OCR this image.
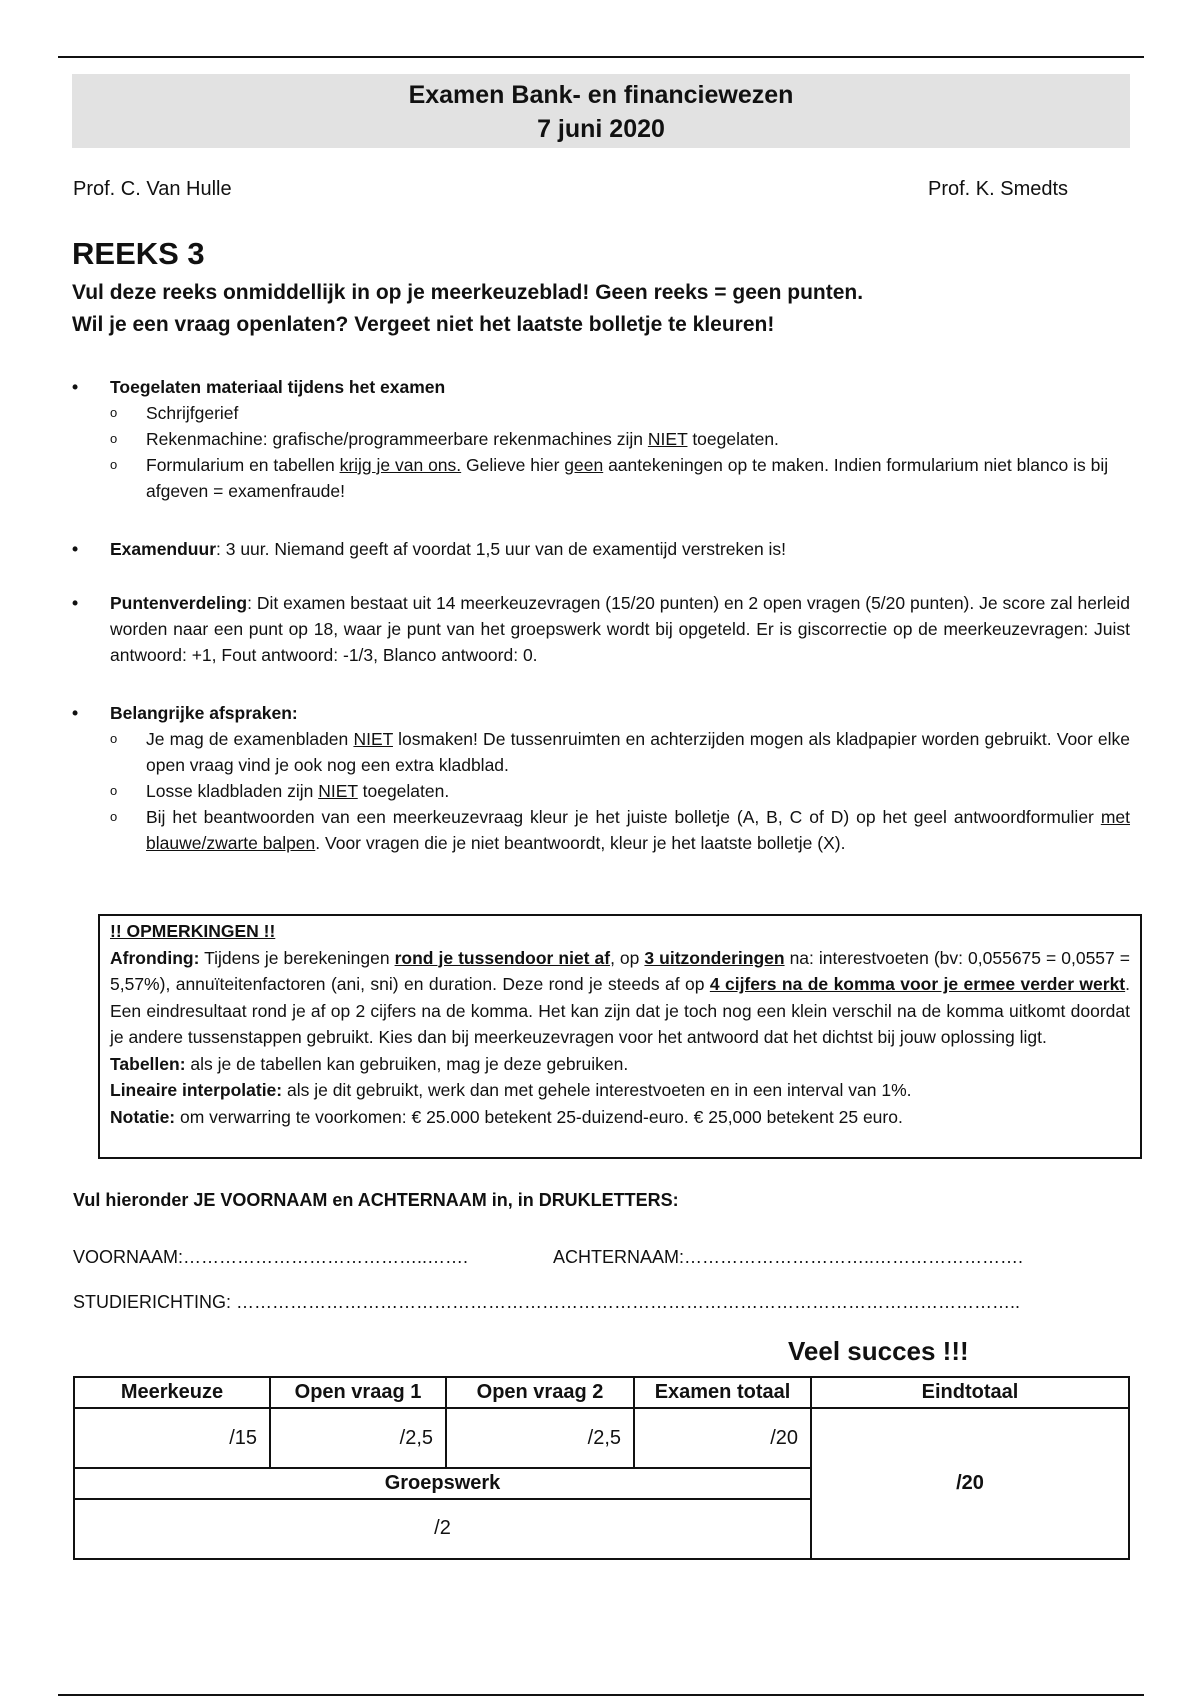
Examen Bank- en financiewezen
7 juni 2020
Prof. C. Van Hulle	Prof. K. Smedts
REEKS 3
Vul deze reeks onmiddellijk in op je meerkeuzeblad! Geen reeks = geen punten.
Wil je een vraag openlaten? Vergeet niet het laatste bolletje te kleuren!
• Toegelaten materiaal tijdens het examen
o Schrijfgerief
o Rekenmachine: grafische/programmeerbare rekenmachines zijn NIET toegelaten.
o Formularium en tabellen krijg je van ons. Gelieve hier geen aantekeningen op te maken. Indien formularium niet blanco is bij afgeven = examenfraude!
• Examenduur: 3 uur. Niemand geeft af voordat 1,5 uur van de examentijd verstreken is!
• Puntenverdeling: Dit examen bestaat uit 14 meerkeuzevragen (15/20 punten) en 2 open vragen (5/20 punten). Je score zal herleid worden naar een punt op 18, waar je punt van het groepswerk wordt bij opgeteld. Er is giscorrectie op de meerkeuzevragen: Juist antwoord: +1, Fout antwoord: -1/3, Blanco antwoord: 0.
• Belangrijke afspraken:
o Je mag de examenbladen NIET losmaken! De tussenruimten en achterzijden mogen als kladpapier worden gebruikt. Voor elke open vraag vind je ook nog een extra kladblad.
o Losse kladbladen zijn NIET toegelaten.
o Bij het beantwoorden van een meerkeuzevraag kleur je het juiste bolletje (A, B, C of D) op het geel antwoordformulier met blauwe/zwarte balpen. Voor vragen die je niet beantwoordt, kleur je het laatste bolletje (X).
!! OPMERKINGEN !!
Afronding: Tijdens je berekeningen rond je tussendoor niet af, op 3 uitzonderingen na: interestvoeten (bv: 0,055675 = 0,0557 = 5,57%), annuïteitenfactoren (ani, sni) en duration. Deze rond je steeds af op 4 cijfers na de komma voor je ermee verder werkt. Een eindresultaat rond je af op 2 cijfers na de komma. Het kan zijn dat je toch nog een klein verschil na de komma uitkomt doordat je andere tussenstappen gebruikt. Kies dan bij meerkeuzevragen voor het antwoord dat het dichtst bij jouw oplossing ligt.
Tabellen: als je de tabellen kan gebruiken, mag je deze gebruiken.
Lineaire interpolatie: als je dit gebruikt, werk dan met gehele interestvoeten en in een interval van 1%.
Notatie: om verwarring te voorkomen: € 25.000 betekent 25-duizend-euro. € 25,000 betekent 25 euro.
Vul hieronder JE VOORNAAM en ACHTERNAAM in, in DRUKLETTERS:
VOORNAAM:…………………………………..…….	ACHTERNAAM:…………………………..…………………….
STUDIERICHTING: …………………………………………………………………………………………………………………..
Veel succes !!!
Meerkeuze	Open vraag 1	Open vraag 2	Examen totaal	Eindtotaal
/15	/2,5	/2,5	/20	/20
Groepswerk				
/2				
